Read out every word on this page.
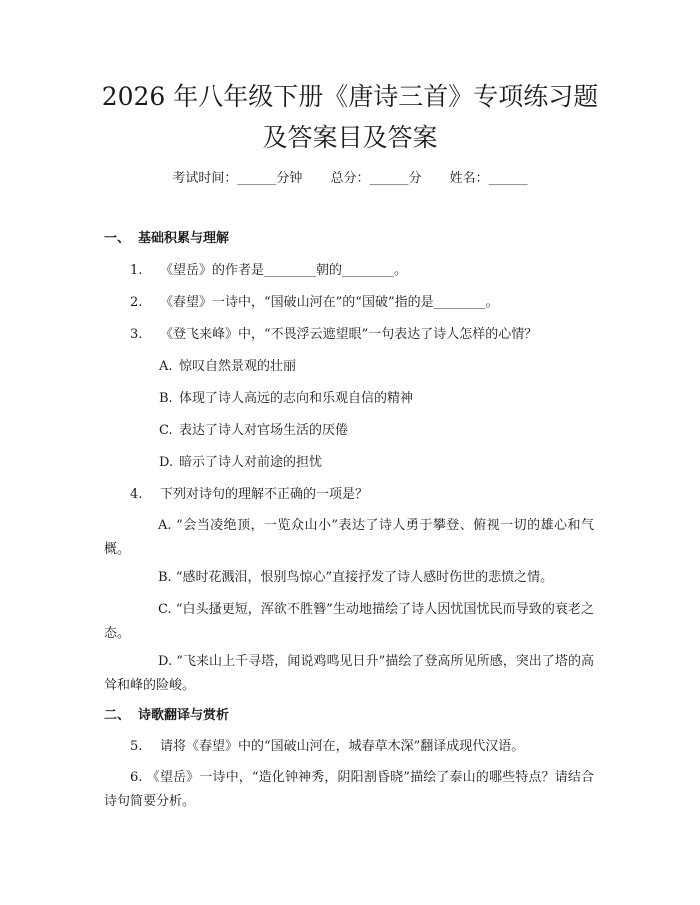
2026 年八年级下册《唐诗三首》专项练习题
及答案目及答案
考试时间：______分钟 总分：______分 姓名：______
一、 基础积累与理解
1. 《望岳》的作者是________朝的________。
2. 《春望》一诗中，“国破山河在”的“国破”指的是________。
3. 《登飞来峰》中，“不畏浮云遮望眼”一句表达了诗人怎样的心情？
A. 惊叹自然景观的壮丽
B. 体现了诗人高远的志向和乐观自信的精神
C. 表达了诗人对官场生活的厌倦
D. 暗示了诗人对前途的担忧
4. 下列对诗句的理解不正确的一项是？

A. “会当凌绝顶，一览众山小”表达了诗人勇于攀登、俯视一切的雄心和气概。

B. “感时花溅泪，恨别鸟惊心”直接抒发了诗人感时伤世的悲愤之情。

C. “白头搔更短，浑欲不胜簪”生动地描绘了诗人因忧国忧民而导致的衰老之态。

D. “飞来山上千寻塔，闻说鸡鸣见日升”描绘了登高所见所感，突出了塔的高耸和峰的险峻。

二、 诗歌翻译与赏析
5. 请将《春望》中的“国破山河在，城春草木深”翻译成现代汉语。

6. 《望岳》一诗中，“造化钟神秀，阴阳割昏晓”描绘了泰山的哪些特点？请结合诗句简要分析。
